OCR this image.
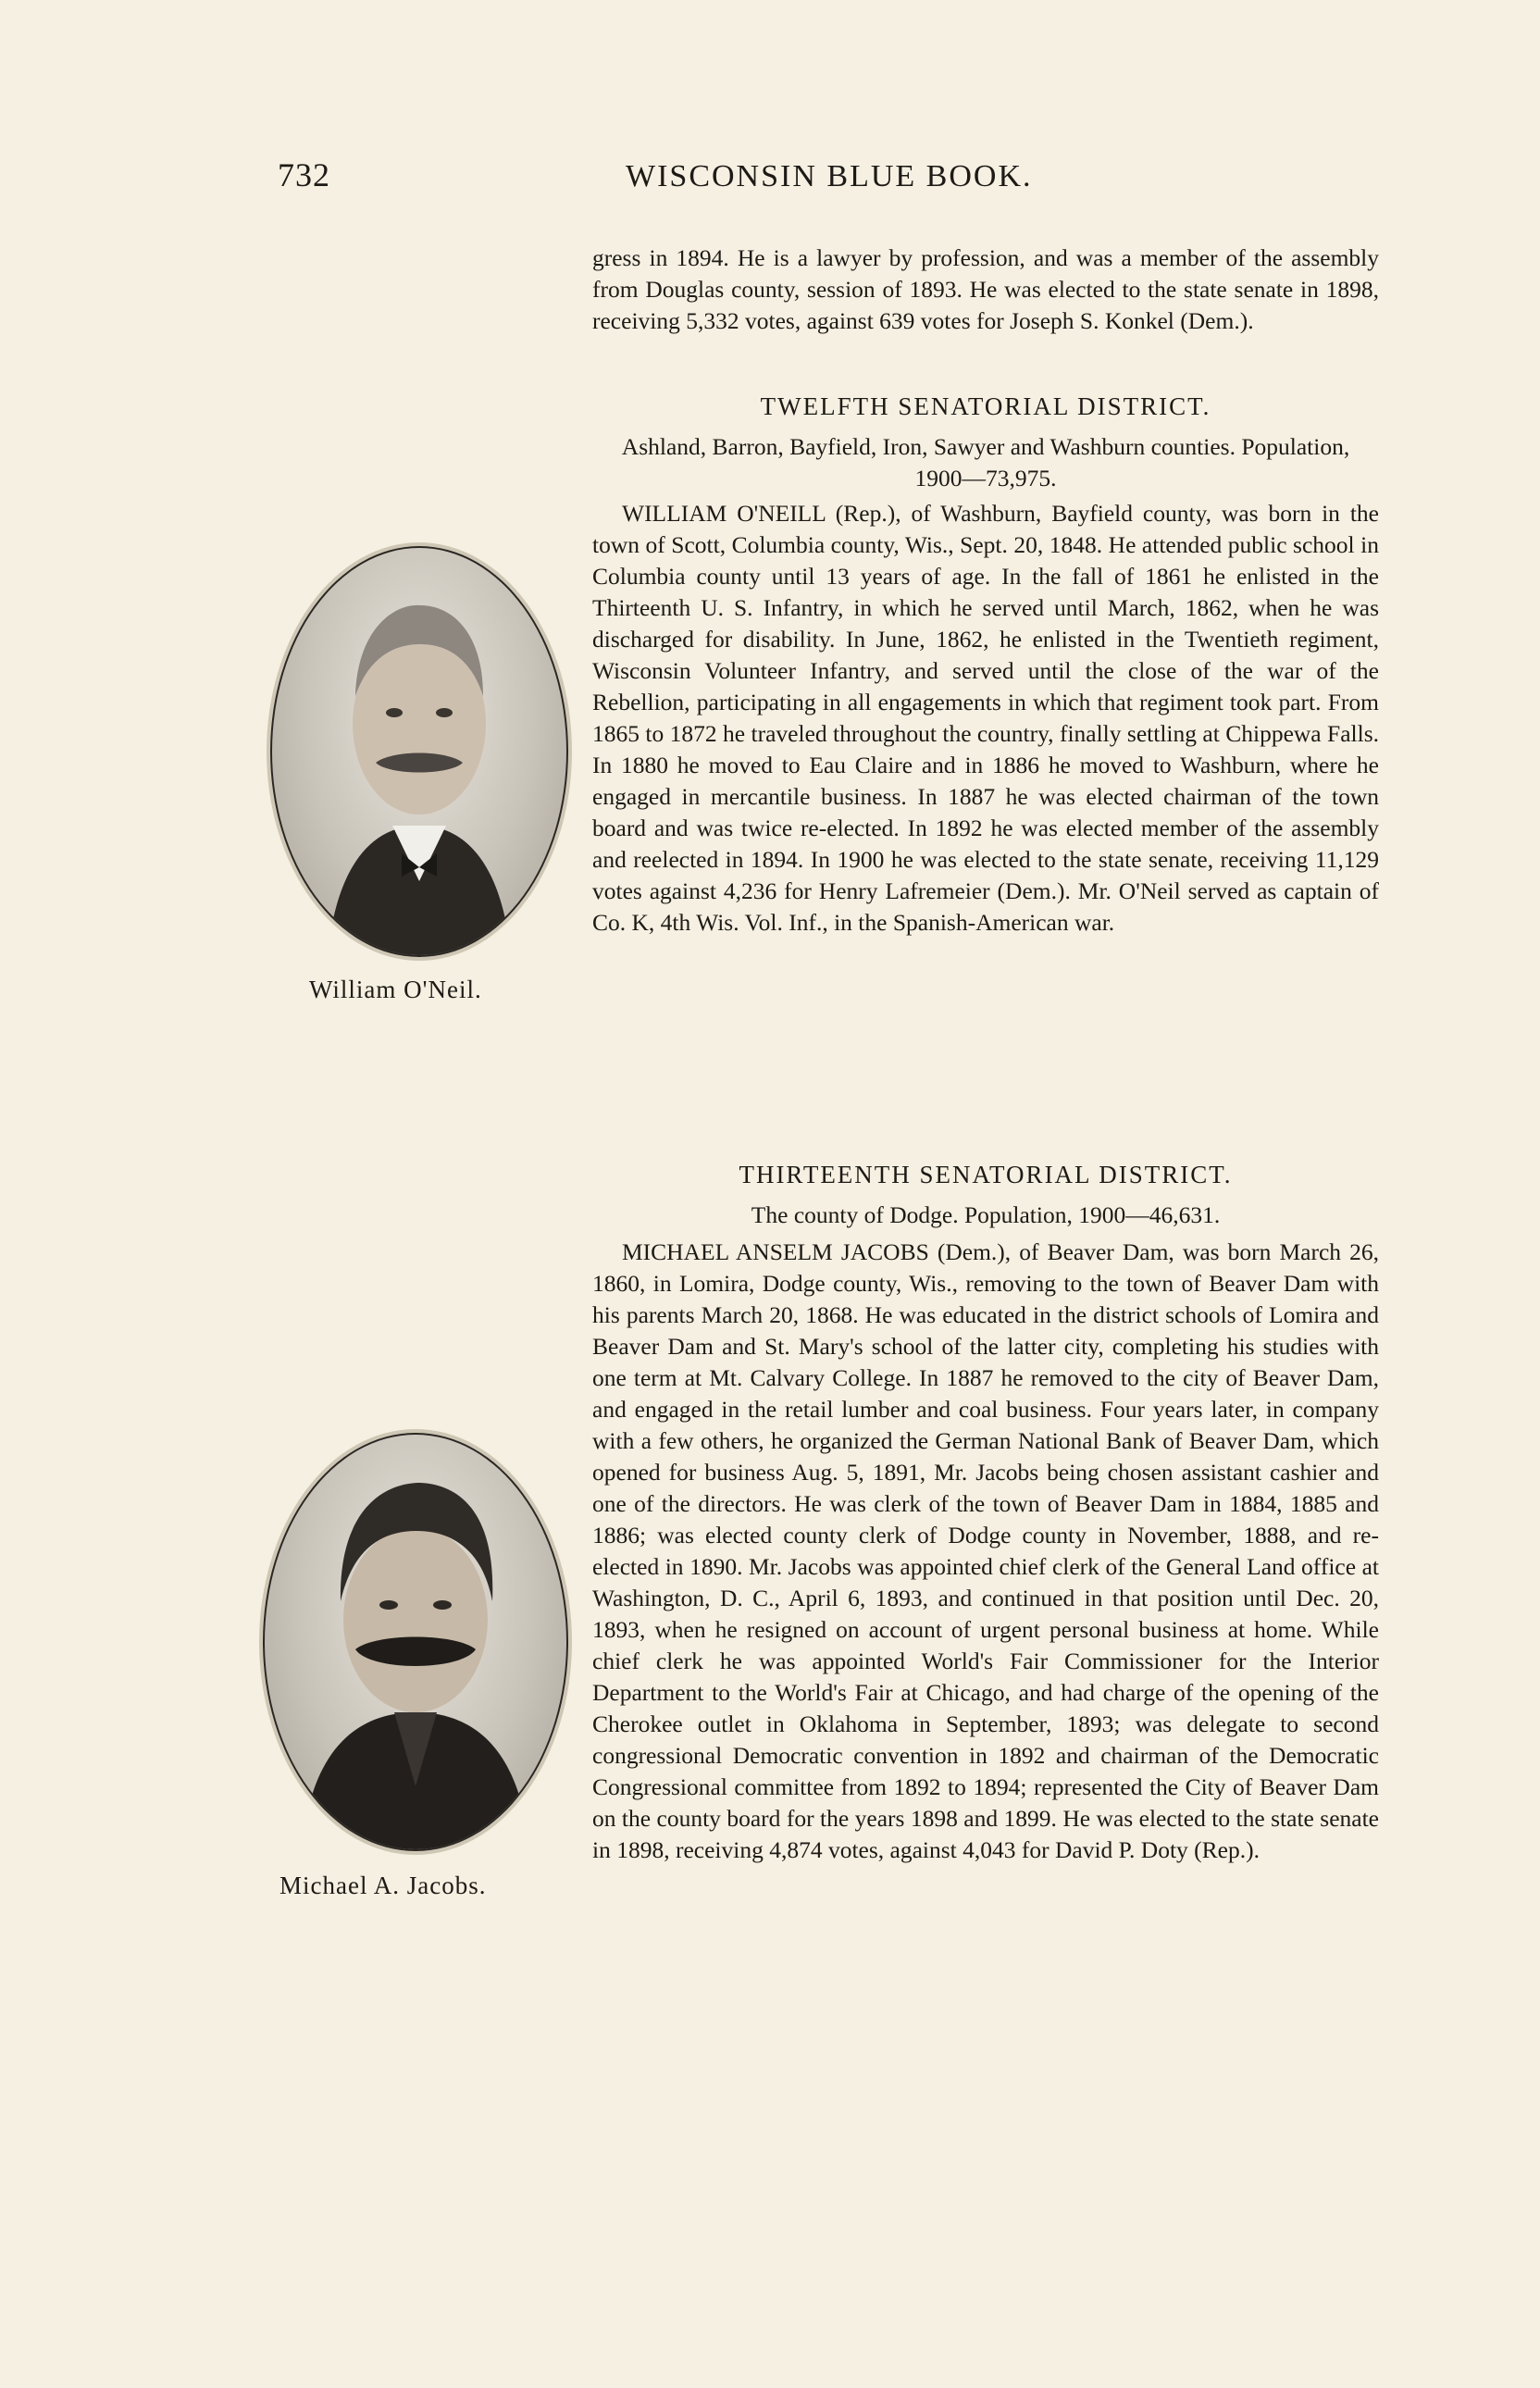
732	WISCONSIN BLUE BOOK.

gress in 1894. He is a lawyer by profession, and was a member of the assembly from Douglas county, session of 1893. He was elected to the state senate in 1898, receiving 5,332 votes, against 639 votes for Joseph S. Konkel (Dem.).

TWELFTH SENATORIAL DISTRICT.

Ashland, Barron, Bayfield, Iron, Sawyer and Washburn counties. Population, 1900—73,975.

WILLIAM O'NEILL (Rep.), of Washburn, Bayfield county, was born in the town of Scott, Columbia county, Wis., Sept. 20, 1848. He attended public school in Columbia county until 13 years of age. In the fall of 1861 he enlisted in the Thirteenth U. S. Infantry, in which he served until March, 1862, when he was discharged for disability. In June, 1862, he enlisted in the Twentieth regiment, Wisconsin Volunteer Infantry, and served until the close of the war of the Rebellion, participating in all engagements in which that regiment took part. From 1865 to 1872 he traveled throughout the country, finally settling at Chippewa Falls. In 1880 he moved to Eau Claire and in 1886 he moved to Washburn, where he engaged in mercantile business. In 1887 he was elected chairman of the town board and was twice re-elected. In 1892 he was elected member of the assembly and reelected in 1894. In 1900 he was elected to the state senate, receiving 11,129 votes against 4,236 for Henry Lafremeier (Dem.). Mr. O'Neil served as captain of Co. K, 4th Wis. Vol. Inf., in the Spanish-American war.

William O'Neil.

THIRTEENTH SENATORIAL DISTRICT.

The county of Dodge. Population, 1900—46,631.

MICHAEL ANSELM JACOBS (Dem.), of Beaver Dam, was born March 26, 1860, in Lomira, Dodge county, Wis., removing to the town of Beaver Dam with his parents March 20, 1868. He was educated in the district schools of Lomira and Beaver Dam and St. Mary's school of the latter city, completing his studies with one term at Mt. Calvary College. In 1887 he removed to the city of Beaver Dam, and engaged in the retail lumber and coal business. Four years later, in company with a few others, he organized the German National Bank of Beaver Dam, which opened for business Aug. 5, 1891, Mr. Jacobs being chosen assistant cashier and one of the directors. He was clerk of the town of Beaver Dam in 1884, 1885 and 1886; was elected county clerk of Dodge county in November, 1888, and re-elected in 1890. Mr. Jacobs was appointed chief clerk of the General Land office at Washington, D. C., April 6, 1893, and continued in that position until Dec. 20, 1893, when he resigned on account of urgent personal business at home. While chief clerk he was appointed World's Fair Commissioner for the Interior Department to the World's Fair at Chicago, and had charge of the opening of the Cherokee outlet in Oklahoma in September, 1893; was delegate to second congressional Democratic convention in 1892 and chairman of the Democratic Congressional committee from 1892 to 1894; represented the City of Beaver Dam on the county board for the years 1898 and 1899. He was elected to the state senate in 1898, receiving 4,874 votes, against 4,043 for David P. Doty (Rep.).

Michael A. Jacobs.
